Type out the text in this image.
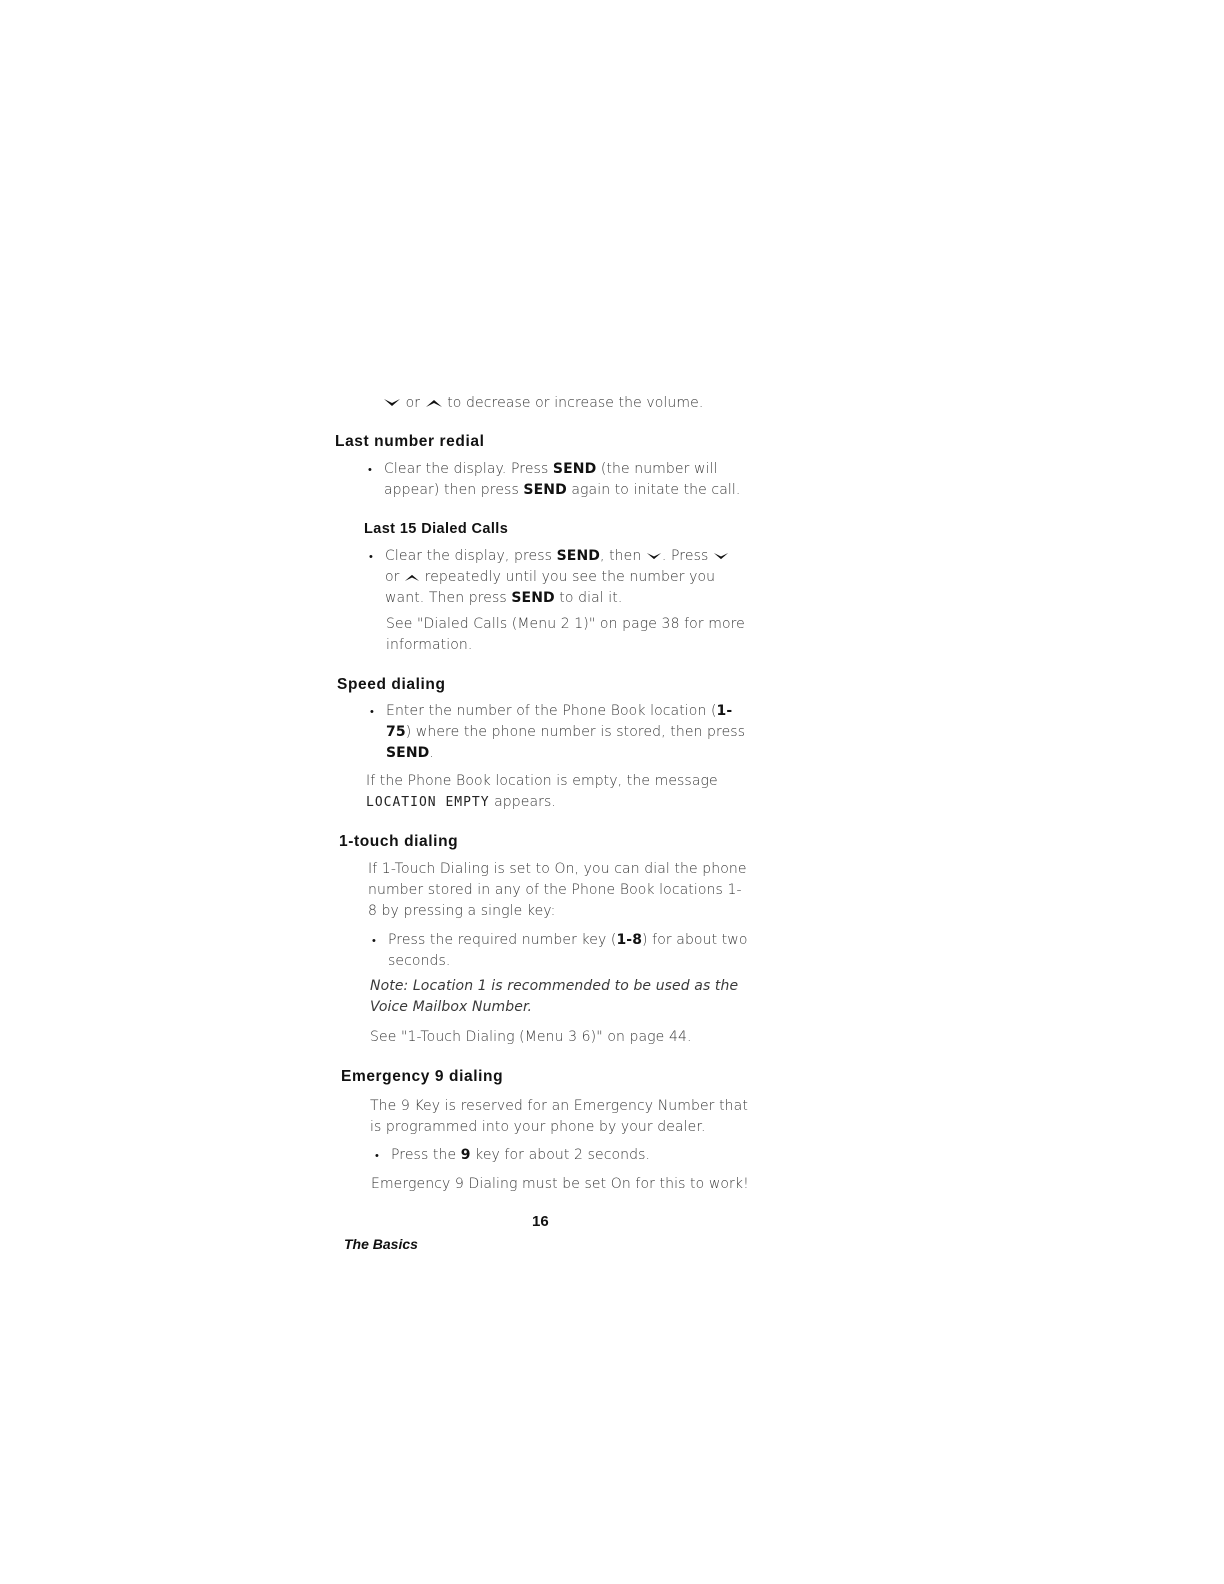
or to decrease or increase the volume.
Last number redial
• Clear the display. Press SEND (the number will
appear) then press SEND again to initate the call.
Last 15 Dialed Calls
• Clear the display, press SEND, then . Press
or repeatedly until you see the number you
want. Then press SEND to dial it.
See "Dialed Calls (Menu 2 1)" on page 38 for more
information.
Speed dialing
• Enter the number of the Phone Book location (1-
75) where the phone number is stored, then press
SEND.
If the Phone Book location is empty, the message
LOCATION EMPTY appears.
1-touch dialing
If 1-Touch Dialing is set to On, you can dial the phone
number stored in any of the Phone Book locations 1-
8 by pressing a single key:
• Press the required number key (1-8) for about two
seconds.
Note: Location 1 is recommended to be used as the
Voice Mailbox Number.
See "1-Touch Dialing (Menu 3 6)" on page 44.
Emergency 9 dialing
The 9 Key is reserved for an Emergency Number that
is programmed into your phone by your dealer.
• Press the 9 key for about 2 seconds.
Emergency 9 Dialing must be set On for this to work!
16
The Basics
